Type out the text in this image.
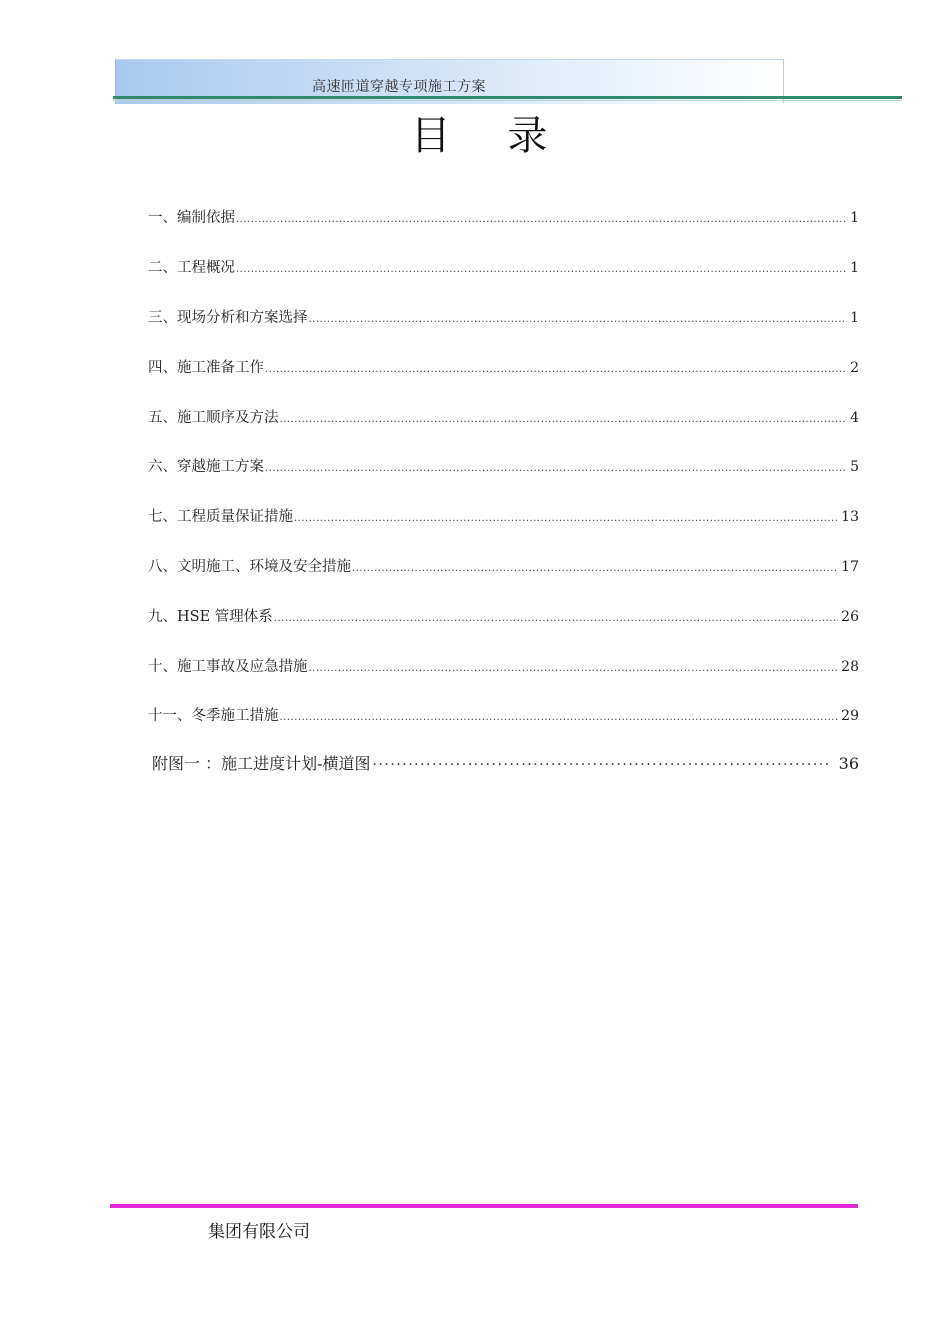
高速匝道穿越专项施工方案
目 录
一、编制依据 .....	1
二、工程概况 .....	1
三、现场分析和方案选择 .....	1
四、施工准备工作 .....	2
五、施工顺序及方法 .....	4
六、穿越施工方案 .....	5
七、工程质量保证措施 .....	13
八、文明施工、环境及安全措施 .....	17
九、HSE 管理体系 .....	26
十、施工事故及应急措施 .....	28
十一、冬季施工措施 .....	29
附图一 ：施工进度计划-横道图 ·····	36
集团有限公司
